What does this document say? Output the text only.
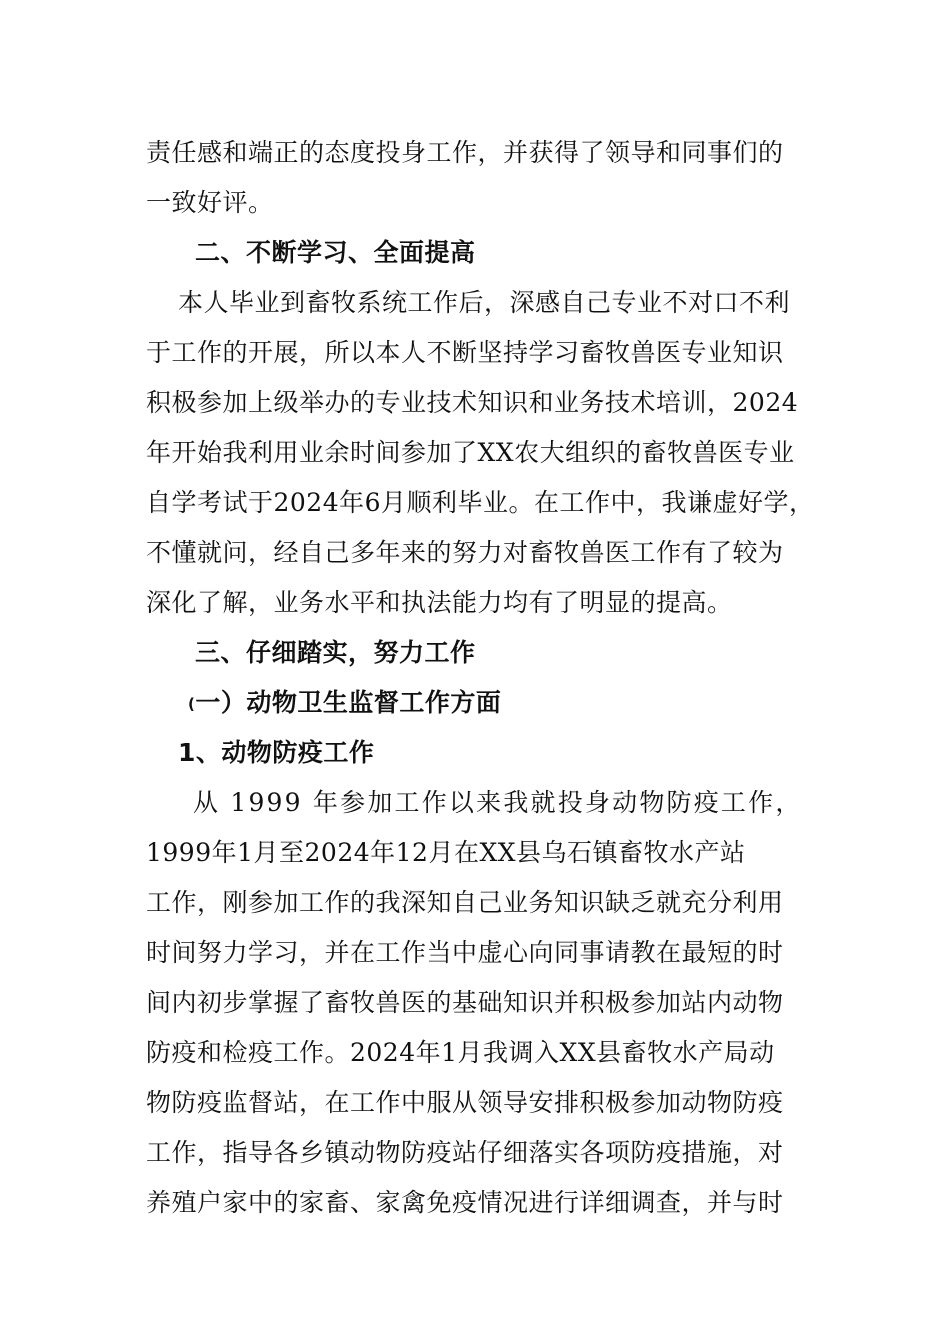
责任感和端正的态度投身工作，并获得了领导和同事们的
一致好评。
二、不断学习、全面提高
本人毕业到畜牧系统工作后，深感自己专业不对口不利
于工作的开展，所以本人不断坚持学习畜牧兽医专业知识
积极参加上级举办的专业技术知识和业务技术培训，2024
年开始我利用业余时间参加了XX农大组织的畜牧兽医专业
自学考试于2024年6月顺利毕业。在工作中，我谦虚好学，
不懂就问，经自己多年来的努力对畜牧兽医工作有了较为
深化了解，业务水平和执法能力均有了明显的提高。
三、仔细踏实，努力工作
(一）动物卫生监督工作方面
1、动物防疫工作
从 1999 年参加工作以来我就投身动物防疫工作，
1999年1月至2024年12月在XX县乌石镇畜牧水产站
工作，刚参加工作的我深知自己业务知识缺乏就充分利用
时间努力学习，并在工作当中虚心向同事请教在最短的时
间内初步掌握了畜牧兽医的基础知识并积极参加站内动物
防疫和检疫工作。2024年1月我调入XX县畜牧水产局动
物防疫监督站，在工作中服从领导安排积极参加动物防疫
工作，指导各乡镇动物防疫站仔细落实各项防疫措施，对
养殖户家中的家畜、家禽免疫情况进行详细调查，并与时
